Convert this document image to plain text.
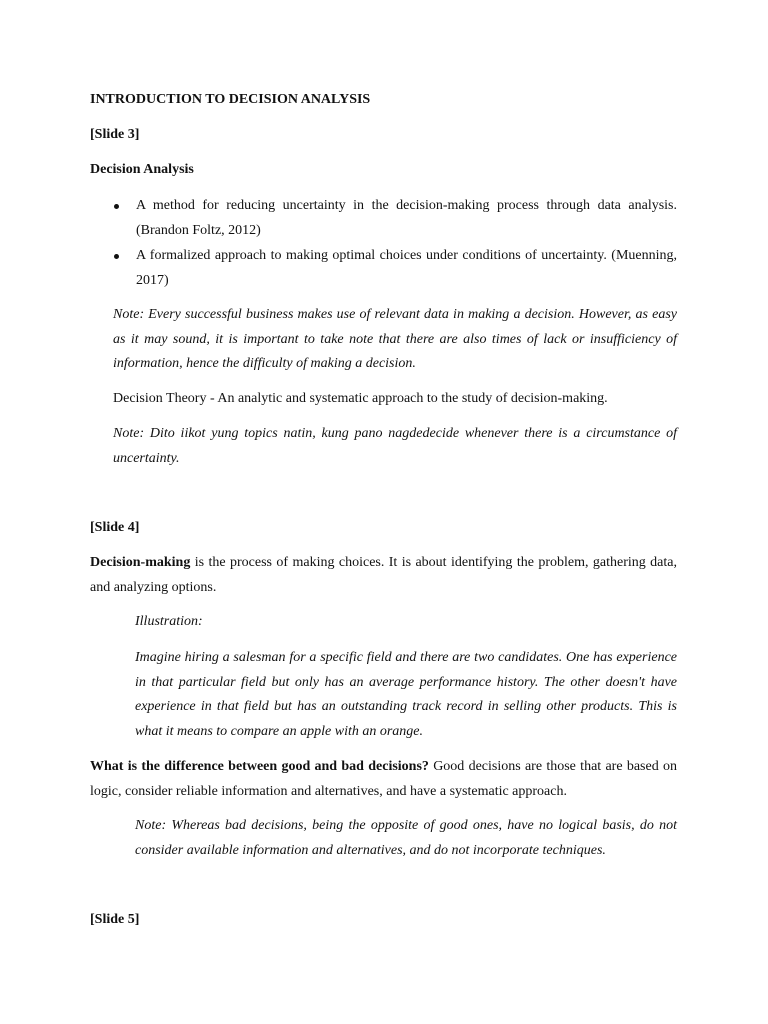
INTRODUCTION TO DECISION ANALYSIS

[Slide 3]

Decision Analysis

A method for reducing uncertainty in the decision-making process through data analysis. (Brandon Foltz, 2012)
A formalized approach to making optimal choices under conditions of uncertainty. (Muenning, 2017)

Note: Every successful business makes use of relevant data in making a decision. However, as easy as it may sound, it is important to take note that there are also times of lack or insufficiency of information, hence the difficulty of making a decision.

Decision Theory - An analytic and systematic approach to the study of decision-making.

Note: Dito iikot yung topics natin, kung pano nagdedecide whenever there is a circumstance of uncertainty.

[Slide 4]

Decision-making is the process of making choices. It is about identifying the problem, gathering data, and analyzing options.

Illustration:

Imagine hiring a salesman for a specific field and there are two candidates. One has experience in that particular field but only has an average performance history. The other doesn't have experience in that field but has an outstanding track record in selling other products. This is what it means to compare an apple with an orange.

What is the difference between good and bad decisions? Good decisions are those that are based on logic, consider reliable information and alternatives, and have a systematic approach.

Note: Whereas bad decisions, being the opposite of good ones, have no logical basis, do not consider available information and alternatives, and do not incorporate techniques.

[Slide 5]
